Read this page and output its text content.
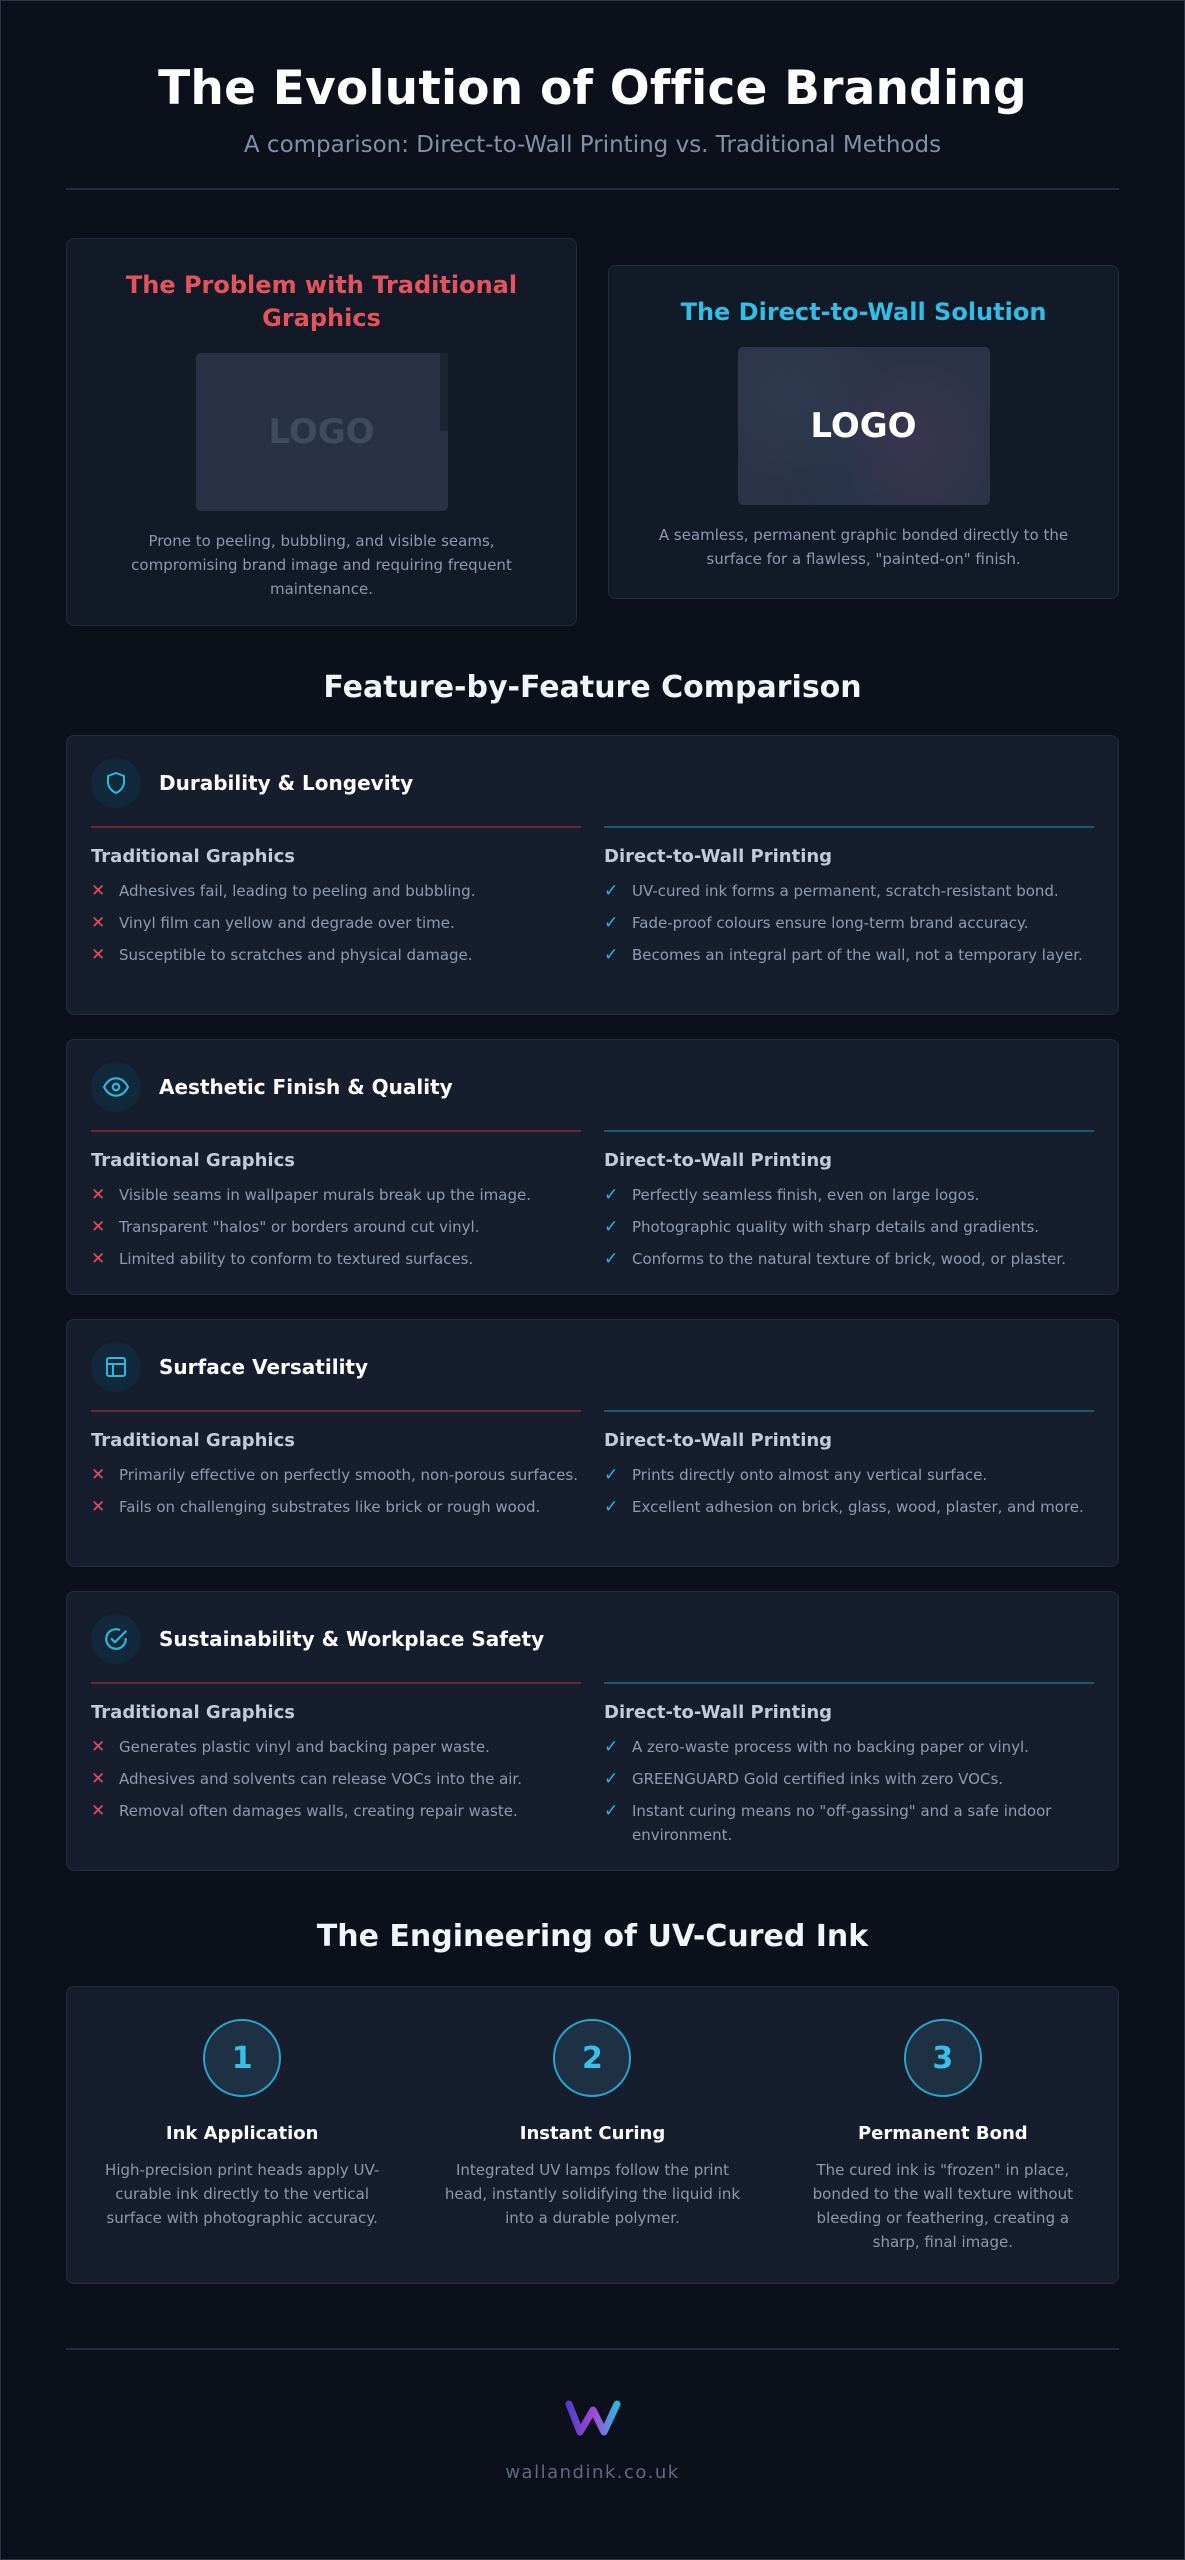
The Evolution of Office Branding
A comparison: Direct-to-Wall Printing vs. Traditional Methods
The Problem with Traditional Graphics
LOGO
Prone to peeling, bubbling, and visible seams, compromising brand image and requiring frequent maintenance.
The Direct-to-Wall Solution
LOGO
A seamless, permanent graphic bonded directly to the surface for a flawless, "painted-on" finish.
Feature-by-Feature Comparison
Durability & Longevity
Traditional Graphics
✕ Adhesives fail, leading to peeling and bubbling.
✕ Vinyl film can yellow and degrade over time.
✕ Susceptible to scratches and physical damage.
Direct-to-Wall Printing
✓ UV-cured ink forms a permanent, scratch-resistant bond.
✓ Fade-proof colours ensure long-term brand accuracy.
✓ Becomes an integral part of the wall, not a temporary layer.
Aesthetic Finish & Quality
Traditional Graphics
✕ Visible seams in wallpaper murals break up the image.
✕ Transparent "halos" or borders around cut vinyl.
✕ Limited ability to conform to textured surfaces.
Direct-to-Wall Printing
✓ Perfectly seamless finish, even on large logos.
✓ Photographic quality with sharp details and gradients.
✓ Conforms to the natural texture of brick, wood, or plaster.
Surface Versatility
Traditional Graphics
✕ Primarily effective on perfectly smooth, non-porous surfaces.
✕ Fails on challenging substrates like brick or rough wood.
Direct-to-Wall Printing
✓ Prints directly onto almost any vertical surface.
✓ Excellent adhesion on brick, glass, wood, plaster, and more.
Sustainability & Workplace Safety
Traditional Graphics
✕ Generates plastic vinyl and backing paper waste.
✕ Adhesives and solvents can release VOCs into the air.
✕ Removal often damages walls, creating repair waste.
Direct-to-Wall Printing
✓ A zero-waste process with no backing paper or vinyl.
✓ GREENGUARD Gold certified inks with zero VOCs.
✓ Instant curing means no "off-gassing" and a safe indoor environment.
The Engineering of UV-Cured Ink
1
Ink Application
High-precision print heads apply UV-curable ink directly to the vertical surface with photographic accuracy.
2
Instant Curing
Integrated UV lamps follow the print head, instantly solidifying the liquid ink into a durable polymer.
3
Permanent Bond
The cured ink is "frozen" in place, bonded to the wall texture without bleeding or feathering, creating a sharp, final image.
wallandink.co.uk
